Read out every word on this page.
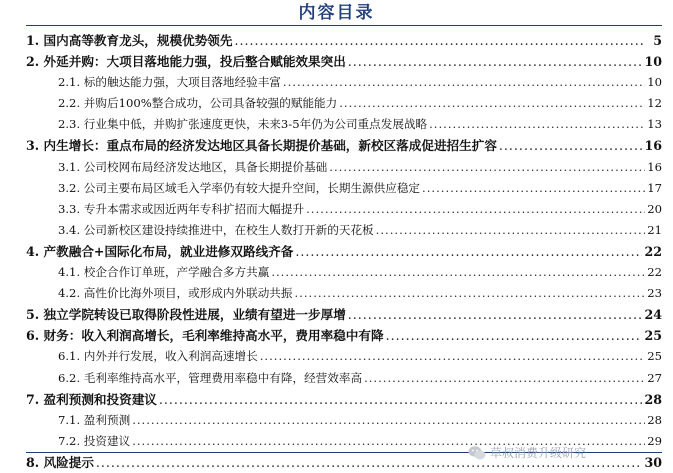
内容目录
1. 国内高等教育龙头，规模优势领先 .....	5
2. 外延并购：大项目落地能力强，投后整合赋能效果突出 .....	10
2.1. 标的触达能力强，大项目落地经验丰富 .....	10
2.2. 并购后100%整合成功，公司具备较强的赋能能力 .....	12
2.3. 行业集中低，并购扩张速度更快，未来3-5年仍为公司重点发展战略 .....	13
3. 内生增长：重点布局的经济发达地区具备长期提价基础，新校区落成促进招生扩容 .....	16
3.1. 公司校网布局经济发达地区，具备长期提价基础 .....	16
3.2. 公司主要布局区域毛入学率仍有较大提升空间，长期生源供应稳定 .....	17
3.3. 专升本需求或因近两年专科扩招而大幅提升 .....	20
3.4. 公司新校区建设持续推进中，在校生人数打开新的天花板 .....	21
4. 产教融合+国际化布局，就业进修双路线齐备 .....	22
4.1. 校企合作订单班，产学融合多方共赢 .....	22
4.2. 高性价比海外项目，或形成内外联动共振 .....	23
5. 独立学院转设已取得阶段性进展，业绩有望进一步厚增 .....	24
6. 财务：收入利润高增长，毛利率维持高水平，费用率稳中有降 .....	25
6.1. 内外并行发展，收入利润高速增长 .....	25
6.2. 毛利率维持高水平，管理费用率稳中有降，经营效率高 .....	27
7. 盈利预测和投资建议 .....	28
7.1. 盈利预测 .....	28
7.2. 投资建议 .....	29
8. 风险提示 .....	30
草叔消费升级研究
